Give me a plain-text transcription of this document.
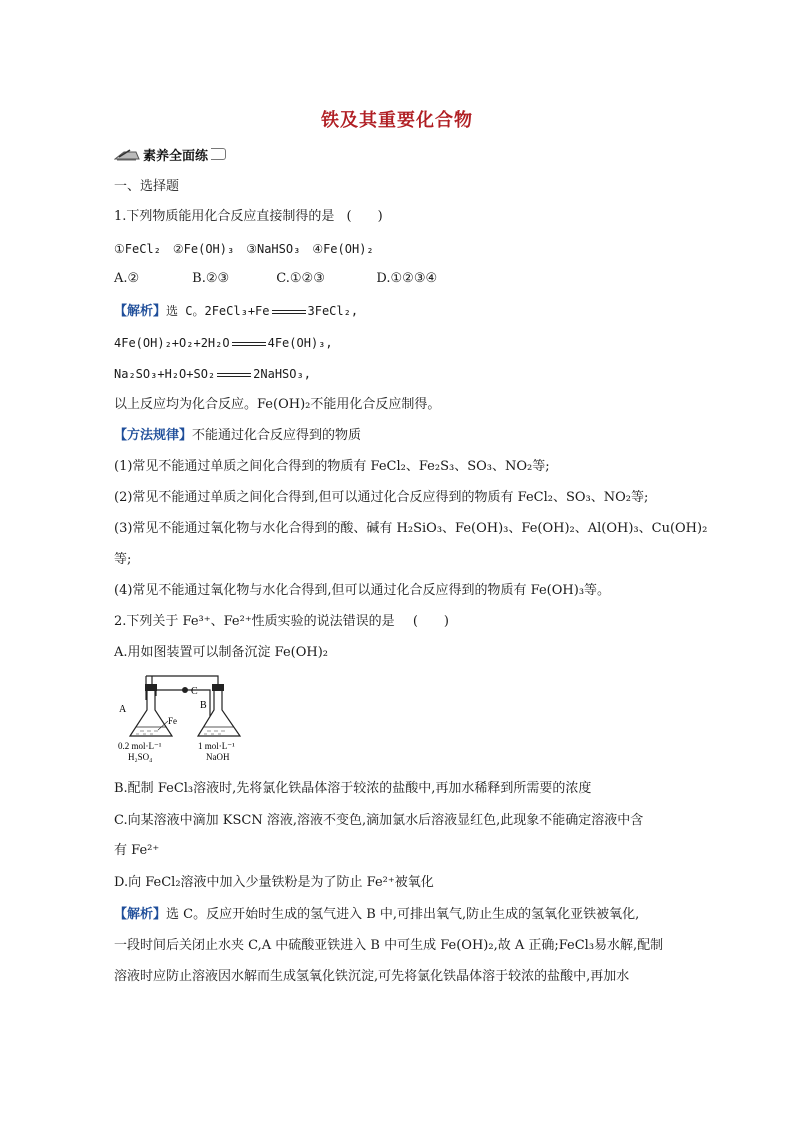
铁及其重要化合物
素养全面练
一、选择题
1.下列物质能用化合反应直接制得的是 (　　)
①FeCl₂　②Fe(OH)₃　③NaHSO₃　④Fe(OH)₂
A.②	B.②③	C.①②③	D.①②③④
【解析】选 C。2FeCl₃+Fe	3FeCl₂,
4Fe(OH)₂+O₂+2H₂O	4Fe(OH)₃,
Na₂SO₃+H₂O+SO₂	2NaHSO₃,
以上反应均为化合反应。Fe(OH)₂不能用化合反应制得。
【方法规律】不能通过化合反应得到的物质
(1)常见不能通过单质之间化合得到的物质有 FeCl₂、Fe₂S₃、SO₃、NO₂等;
(2)常见不能通过单质之间化合得到,但可以通过化合反应得到的物质有 FeCl₂、SO₃、NO₂等;
(3)常见不能通过氧化物与水化合得到的酸、碱有 H₂SiO₃、Fe(OH)₃、Fe(OH)₂、Al(OH)₃、Cu(OH)₂
等;
(4)常见不能通过氧化物与水化合得到,但可以通过化合反应得到的物质有 Fe(OH)₃等。
2.下列关于 Fe³⁺、Fe²⁺性质实验的说法错误的是 (　　)
A.用如图装置可以制备沉淀 Fe(OH)₂
C
A
Fe
B
0.2 mol·L⁻¹
H₂SO₄
1 mol·L⁻¹
NaOH
B.配制 FeCl₃溶液时,先将氯化铁晶体溶于较浓的盐酸中,再加水稀释到所需要的浓度
C.向某溶液中滴加 KSCN 溶液,溶液不变色,滴加氯水后溶液显红色,此现象不能确定溶液中含
有 Fe²⁺
D.向 FeCl₂溶液中加入少量铁粉是为了防止 Fe²⁺被氧化
【解析】选 C。反应开始时生成的氢气进入 B 中,可排出氧气,防止生成的氢氧化亚铁被氧化,
一段时间后关闭止水夹 C,A 中硫酸亚铁进入 B 中可生成 Fe(OH)₂,故 A 正确;FeCl₃易水解,配制
溶液时应防止溶液因水解而生成氢氧化铁沉淀,可先将氯化铁晶体溶于较浓的盐酸中,再加水
